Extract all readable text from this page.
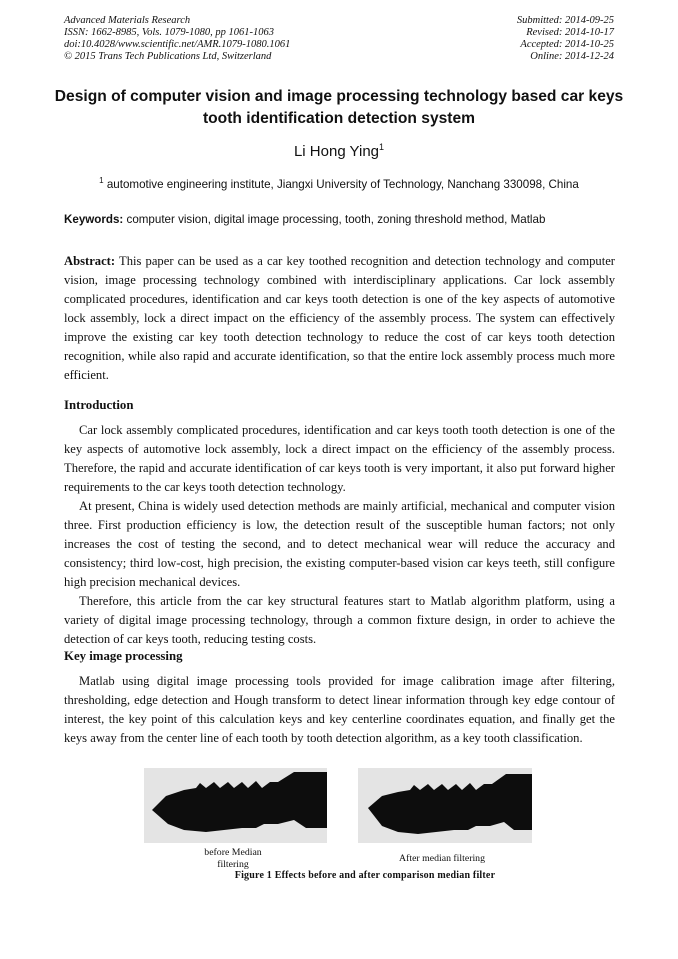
Advanced Materials Research
ISSN: 1662-8985, Vols. 1079-1080, pp 1061-1063
doi:10.4028/www.scientific.net/AMR.1079-1080.1061
© 2015 Trans Tech Publications Ltd, Switzerland
Submitted: 2014-09-25
Revised: 2014-10-17
Accepted: 2014-10-25
Online: 2014-12-24
Design of computer vision and image processing technology based car keys tooth identification detection system
Li Hong Ying$^1$
$^1$ automotive engineering institute, Jiangxi University of Technology, Nanchang 330098, China
Keywords: computer vision, digital image processing, tooth, zoning threshold method, Matlab
Abstract: This paper can be used as a car key toothed recognition and detection technology and computer vision, image processing technology combined with interdisciplinary applications. Car lock assembly complicated procedures, identification and car keys tooth detection is one of the key aspects of automotive lock assembly, lock a direct impact on the efficiency of the assembly process. The system can effectively improve the existing car key tooth detection technology to reduce the cost of car keys tooth detection recognition, while also rapid and accurate identification, so that the entire lock assembly process much more efficient.
Introduction

Car lock assembly complicated procedures, identification and car keys tooth tooth detection is one of the key aspects of automotive lock assembly, lock a direct impact on the efficiency of the assembly process. Therefore, the rapid and accurate identification of car keys tooth is very important, it also put forward higher requirements to the car keys tooth detection technology.

At present, China is widely used detection methods are mainly artificial, mechanical and computer vision three. First production efficiency is low, the detection result of the susceptible human factors; not only increases the cost of testing the second, and to detect mechanical wear will reduce the accuracy and consistency; third low-cost, high precision, the existing computer-based vision car keys teeth, still configure high precision mechanical devices.

Therefore, this article from the car key structural features start to Matlab algorithm platform, using a variety of digital image processing technology, through a common fixture design, in order to achieve the detection of car keys tooth, reducing testing costs.

Key image processing

Matlab using digital image processing tools provided for image calibration image after filtering, thresholding, edge detection and Hough transform to detect linear information through key edge contour of interest, the key point of this calculation keys and key centerline coordinates equation, and finally get the keys away from the center line of each tooth by tooth detection algorithm, as a key tooth classification.

before Median filtering
After median filtering
Figure 1 Effects before and after comparison median filter
